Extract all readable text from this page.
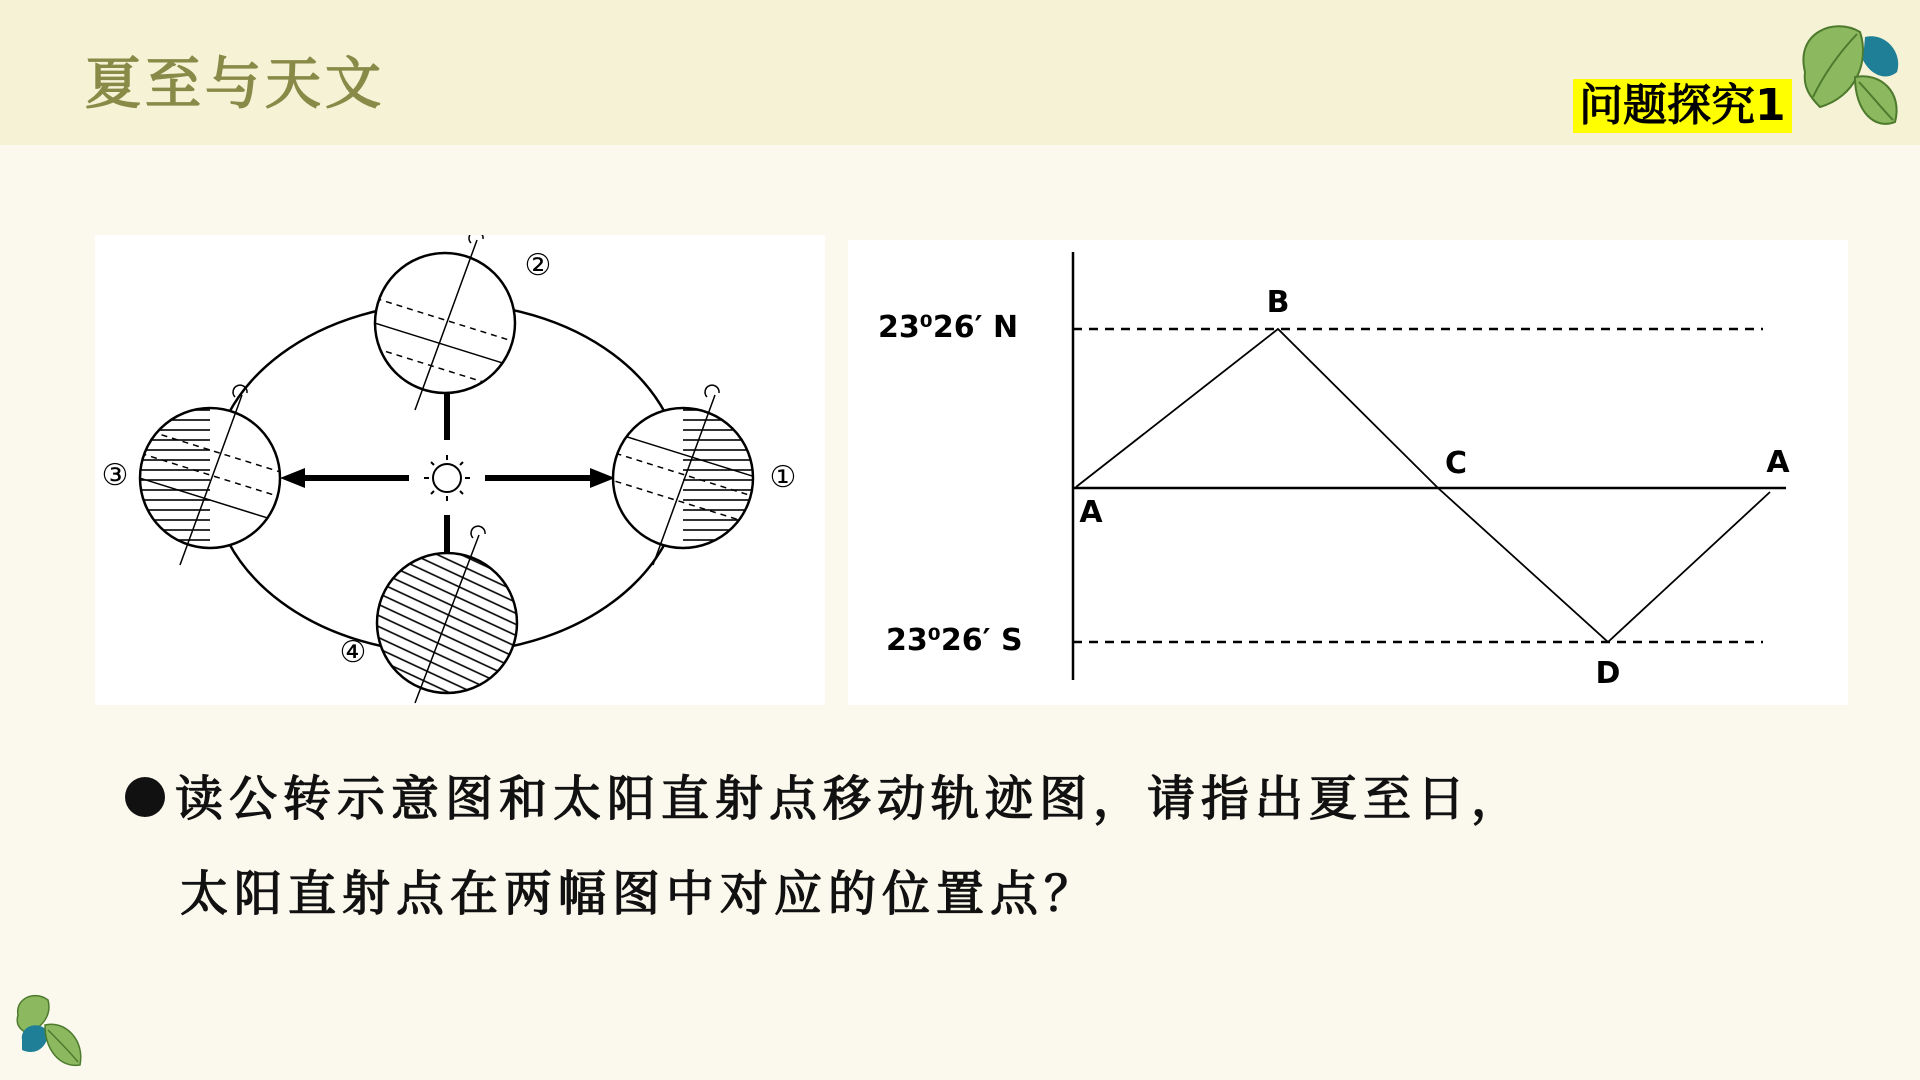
夏至与天文	问题探究1
①
②
③
④
23⁰26′ N
23⁰26′ S
A
B
C
D
A
读公转示意图和太阳直射点移动轨迹图，请指出夏至日，
太阳直射点在两幅图中对应的位置点？
